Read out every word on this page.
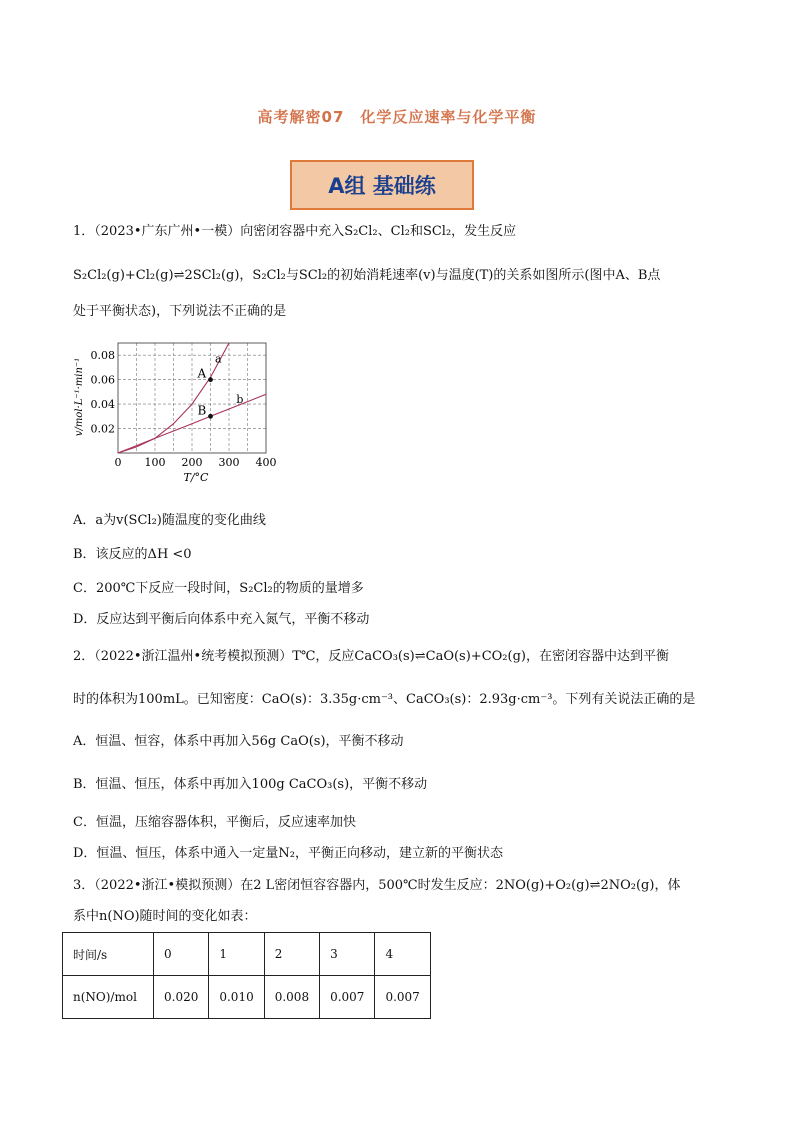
高考解密07　化学反应速率与化学平衡
A组 基础练
1．（2023•广东广州•一模）向密闭容器中充入S₂Cl₂、Cl₂和SCl₂，发生反应
S₂Cl₂(g)+Cl₂(g)⇌2SCl₂(g)，S₂Cl₂与SCl₂的初始消耗速率(v)与温度(T)的关系如图所示(图中A、B点
处于平衡状态)，下列说法不正确的是
a
b
A
B
0 100 200 300 400
0.02
0.04
0.06
0.08
T/°C
v/mol·L⁻¹·min⁻¹
A．a为v(SCl₂)随温度的变化曲线
B．该反应的ΔH <0
C．200℃下反应一段时间，S₂Cl₂的物质的量增多
D．反应达到平衡后向体系中充入氮气，平衡不移动
2．（2022•浙江温州•统考模拟预测）T℃，反应CaCO₃(s)⇌CaO(s)+CO₂(g)，在密闭容器中达到平衡
时的体积为100mL。已知密度：CaO(s)：3.35g·cm⁻³、CaCO₃(s)：2.93g·cm⁻³。下列有关说法正确的是
A．恒温、恒容，体系中再加入56g CaO(s)，平衡不移动
B．恒温、恒压，体系中再加入100g CaCO₃(s)，平衡不移动
C．恒温，压缩容器体积，平衡后，反应速率加快
D．恒温、恒压，体系中通入一定量N₂，平衡正向移动，建立新的平衡状态
3．（2022•浙江•模拟预测）在2 L密闭恒容容器内，500℃时发生反应：2NO(g)+O₂(g)⇌2NO₂(g)，体
系中n(NO)随时间的变化如表：
时间/s	0	1	2	3	4
n(NO)/mol	0.020	0.010	0.008	0.007	0.007
